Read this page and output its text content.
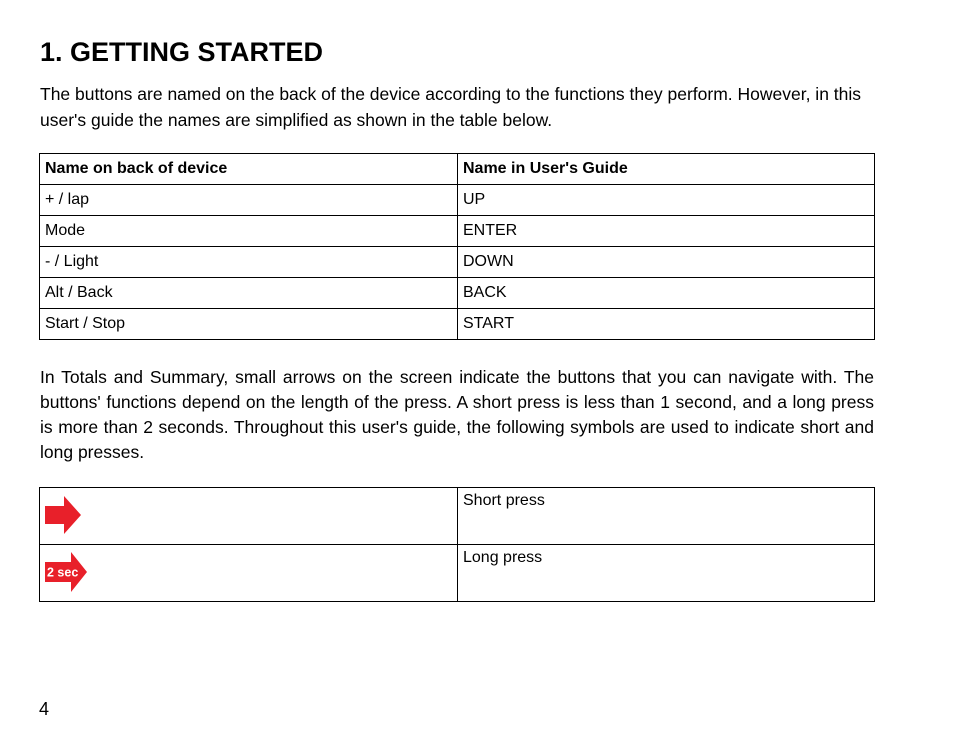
1. GETTING STARTED

The buttons are named on the back of the device according to the functions they perform. However, in this user's guide the names are simplified as shown in the table below.

Name on back of device	Name in User's Guide
+ / lap	UP
Mode	ENTER
- / Light	DOWN
Alt / Back	BACK
Start / Stop	START

In Totals and Summary, small arrows on the screen indicate the buttons that you can navigate with. The buttons' functions depend on the length of the press. A short press is less than 1 second, and a long press is more than 2 seconds. Throughout this user's guide, the following symbols are used to indicate short and long presses.

	Short press

2 sec	Long press
4
